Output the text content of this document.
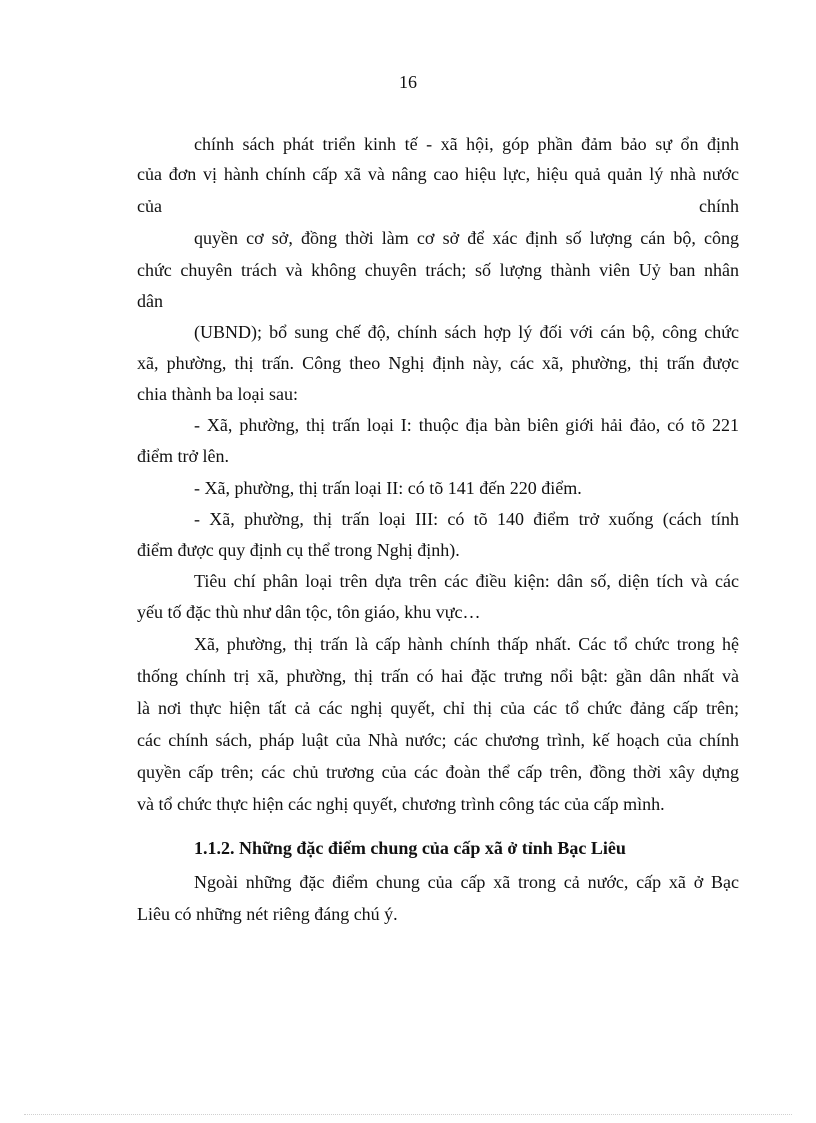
16
chính sách phát triển kinh tế - xã hội, góp phần đảm bảo sự ổn định
của đơn vị hành chính cấp xã và nâng cao hiệu lực, hiệu quả quản lý nhà nước
của	chính
quyền cơ sở, đồng thời làm cơ sở để xác định số lượng cán bộ, công
chức chuyên trách và không chuyên trách; số lượng thành viên Uỷ ban nhân
dân
(UBND); bổ sung chế độ, chính sách hợp lý đối với cán bộ, công chức
xã, phường, thị trấn. Công theo Nghị định này, các xã, phường, thị trấn được
chia thành ba loại sau:
- Xã, phường, thị trấn loại I: thuộc địa bàn biên giới hải đảo, có tõ 221
điểm trở lên.
- Xã, phường, thị trấn loại II: có tõ 141 đến 220 điểm.
- Xã, phường, thị trấn loại III: có tõ 140 điểm trở xuống (cách tính
điểm được quy định cụ thể trong Nghị định).
Tiêu chí phân loại trên dựa trên các điều kiện: dân số, diện tích và các
yếu tố đặc thù như dân tộc, tôn giáo, khu vực…
Xã, phường, thị trấn là cấp hành chính thấp nhất. Các tổ chức trong hệ
thống chính trị xã, phường, thị trấn có hai đặc trưng nổi bật: gần dân nhất và
là nơi thực hiện tất cả các nghị quyết, chỉ thị của các tổ chức đảng cấp trên;
các chính sách, pháp luật của Nhà nước; các chương trình, kế hoạch của chính
quyền cấp trên; các chủ trương của các đoàn thể cấp trên, đồng thời xây dựng
và tổ chức thực hiện các nghị quyết, chương trình công tác của cấp mình.
1.1.2. Những đặc điểm chung của cấp xã ở tỉnh Bạc Liêu
Ngoài những đặc điểm chung của cấp xã trong cả nước, cấp xã ở Bạc
Liêu có những nét riêng đáng chú ý.
